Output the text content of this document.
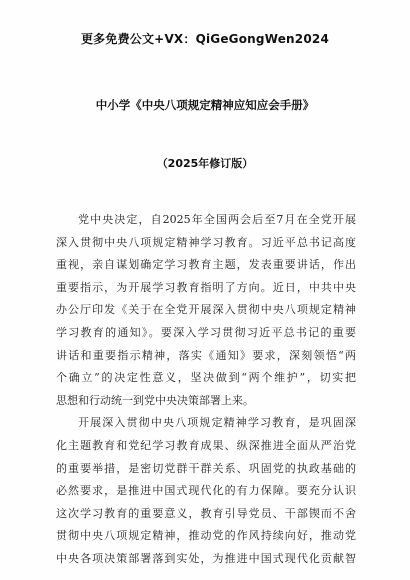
更多免费公文+VX：QiGeGongWen2024
中小学《中央八项规定精神应知应会手册》
（2025年修订版）
党中央决定，自2025年全国两会后至7月在全党开展
深入贯彻中央八项规定精神学习教育。习近平总书记高度
重视，亲自谋划确定学习教育主题，发表重要讲话，作出
重要指示，为开展学习教育指明了方向。近日，中共中央
办公厅印发《关于在全党开展深入贯彻中央八项规定精神
学习教育的通知》。要深入学习贯彻习近平总书记的重要
讲话和重要指示精神，落实《通知》要求，深刻领悟“两
个确立”的决定性意义，坚决做到“两个维护”，切实把
思想和行动统一到党中央决策部署上来。
开展深入贯彻中央八项规定精神学习教育，是巩固深
化主题教育和党纪学习教育成果、纵深推进全面从严治党
的重要举措，是密切党群干群关系、巩固党的执政基础的
必然要求，是推进中国式现代化的有力保障。要充分认识
这次学习教育的重要意义，教育引导党员、干部锲而不舍
贯彻中央八项规定精神，推动党的作风持续向好，推动党
中央各项决策部署落到实处，为推进中国式现代化贡献智
